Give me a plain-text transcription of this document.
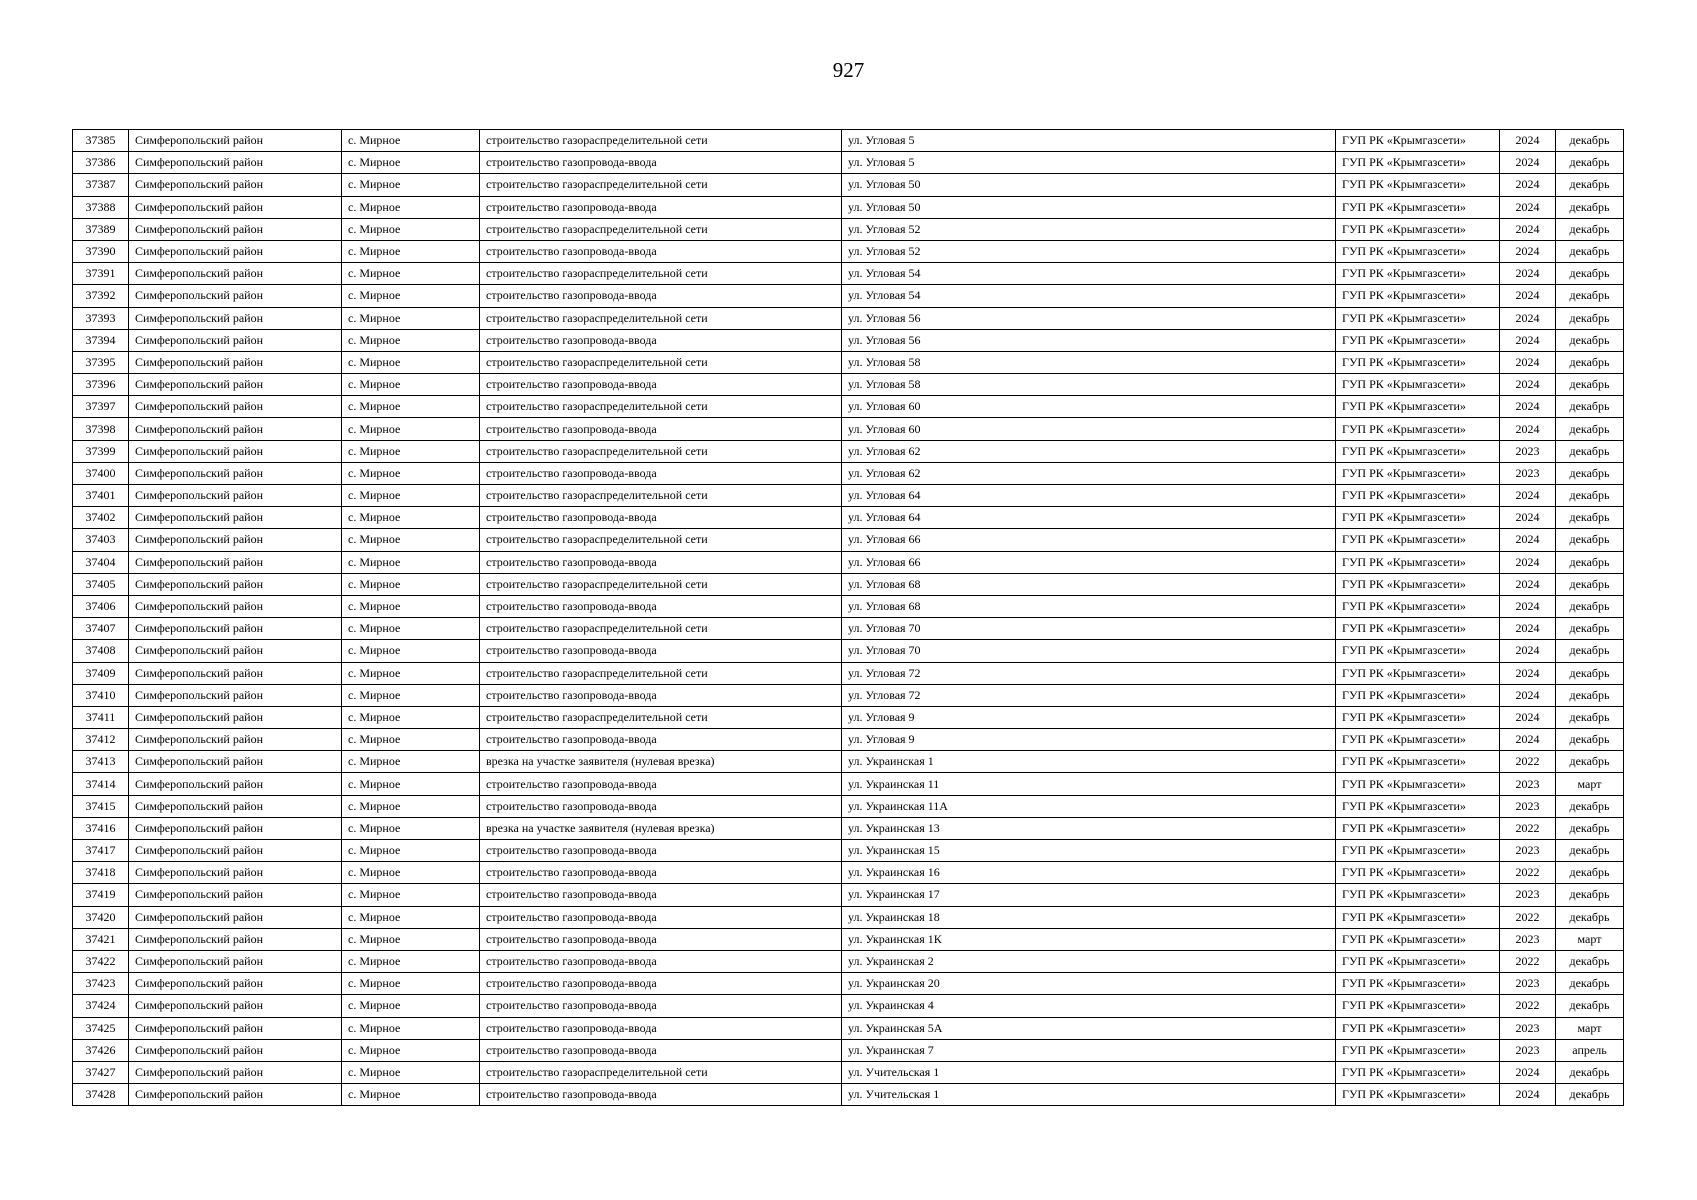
927
37385	Симферопольский район	с. Мирное	строительство газораспределительной сети	ул. Угловая 5	ГУП РК «Крымгазсети»	2024	декабрь
37386	Симферопольский район	с. Мирное	строительство газопровода-ввода	ул. Угловая 5	ГУП РК «Крымгазсети»	2024	декабрь
37387	Симферопольский район	с. Мирное	строительство газораспределительной сети	ул. Угловая 50	ГУП РК «Крымгазсети»	2024	декабрь
37388	Симферопольский район	с. Мирное	строительство газопровода-ввода	ул. Угловая 50	ГУП РК «Крымгазсети»	2024	декабрь
37389	Симферопольский район	с. Мирное	строительство газораспределительной сети	ул. Угловая 52	ГУП РК «Крымгазсети»	2024	декабрь
37390	Симферопольский район	с. Мирное	строительство газопровода-ввода	ул. Угловая 52	ГУП РК «Крымгазсети»	2024	декабрь
37391	Симферопольский район	с. Мирное	строительство газораспределительной сети	ул. Угловая 54	ГУП РК «Крымгазсети»	2024	декабрь
37392	Симферопольский район	с. Мирное	строительство газопровода-ввода	ул. Угловая 54	ГУП РК «Крымгазсети»	2024	декабрь
37393	Симферопольский район	с. Мирное	строительство газораспределительной сети	ул. Угловая 56	ГУП РК «Крымгазсети»	2024	декабрь
37394	Симферопольский район	с. Мирное	строительство газопровода-ввода	ул. Угловая 56	ГУП РК «Крымгазсети»	2024	декабрь
37395	Симферопольский район	с. Мирное	строительство газораспределительной сети	ул. Угловая 58	ГУП РК «Крымгазсети»	2024	декабрь
37396	Симферопольский район	с. Мирное	строительство газопровода-ввода	ул. Угловая 58	ГУП РК «Крымгазсети»	2024	декабрь
37397	Симферопольский район	с. Мирное	строительство газораспределительной сети	ул. Угловая 60	ГУП РК «Крымгазсети»	2024	декабрь
37398	Симферопольский район	с. Мирное	строительство газопровода-ввода	ул. Угловая 60	ГУП РК «Крымгазсети»	2024	декабрь
37399	Симферопольский район	с. Мирное	строительство газораспределительной сети	ул. Угловая 62	ГУП РК «Крымгазсети»	2023	декабрь
37400	Симферопольский район	с. Мирное	строительство газопровода-ввода	ул. Угловая 62	ГУП РК «Крымгазсети»	2023	декабрь
37401	Симферопольский район	с. Мирное	строительство газораспределительной сети	ул. Угловая 64	ГУП РК «Крымгазсети»	2024	декабрь
37402	Симферопольский район	с. Мирное	строительство газопровода-ввода	ул. Угловая 64	ГУП РК «Крымгазсети»	2024	декабрь
37403	Симферопольский район	с. Мирное	строительство газораспределительной сети	ул. Угловая 66	ГУП РК «Крымгазсети»	2024	декабрь
37404	Симферопольский район	с. Мирное	строительство газопровода-ввода	ул. Угловая 66	ГУП РК «Крымгазсети»	2024	декабрь
37405	Симферопольский район	с. Мирное	строительство газораспределительной сети	ул. Угловая 68	ГУП РК «Крымгазсети»	2024	декабрь
37406	Симферопольский район	с. Мирное	строительство газопровода-ввода	ул. Угловая 68	ГУП РК «Крымгазсети»	2024	декабрь
37407	Симферопольский район	с. Мирное	строительство газораспределительной сети	ул. Угловая 70	ГУП РК «Крымгазсети»	2024	декабрь
37408	Симферопольский район	с. Мирное	строительство газопровода-ввода	ул. Угловая 70	ГУП РК «Крымгазсети»	2024	декабрь
37409	Симферопольский район	с. Мирное	строительство газораспределительной сети	ул. Угловая 72	ГУП РК «Крымгазсети»	2024	декабрь
37410	Симферопольский район	с. Мирное	строительство газопровода-ввода	ул. Угловая 72	ГУП РК «Крымгазсети»	2024	декабрь
37411	Симферопольский район	с. Мирное	строительство газораспределительной сети	ул. Угловая 9	ГУП РК «Крымгазсети»	2024	декабрь
37412	Симферопольский район	с. Мирное	строительство газопровода-ввода	ул. Угловая 9	ГУП РК «Крымгазсети»	2024	декабрь
37413	Симферопольский район	с. Мирное	врезка на участке заявителя (нулевая врезка)	ул. Украинская 1	ГУП РК «Крымгазсети»	2022	декабрь
37414	Симферопольский район	с. Мирное	строительство газопровода-ввода	ул. Украинская 11	ГУП РК «Крымгазсети»	2023	март
37415	Симферопольский район	с. Мирное	строительство газопровода-ввода	ул. Украинская 11А	ГУП РК «Крымгазсети»	2023	декабрь
37416	Симферопольский район	с. Мирное	врезка на участке заявителя (нулевая врезка)	ул. Украинская 13	ГУП РК «Крымгазсети»	2022	декабрь
37417	Симферопольский район	с. Мирное	строительство газопровода-ввода	ул. Украинская 15	ГУП РК «Крымгазсети»	2023	декабрь
37418	Симферопольский район	с. Мирное	строительство газопровода-ввода	ул. Украинская 16	ГУП РК «Крымгазсети»	2022	декабрь
37419	Симферопольский район	с. Мирное	строительство газопровода-ввода	ул. Украинская 17	ГУП РК «Крымгазсети»	2023	декабрь
37420	Симферопольский район	с. Мирное	строительство газопровода-ввода	ул. Украинская 18	ГУП РК «Крымгазсети»	2022	декабрь
37421	Симферопольский район	с. Мирное	строительство газопровода-ввода	ул. Украинская 1К	ГУП РК «Крымгазсети»	2023	март
37422	Симферопольский район	с. Мирное	строительство газопровода-ввода	ул. Украинская 2	ГУП РК «Крымгазсети»	2022	декабрь
37423	Симферопольский район	с. Мирное	строительство газопровода-ввода	ул. Украинская 20	ГУП РК «Крымгазсети»	2023	декабрь
37424	Симферопольский район	с. Мирное	строительство газопровода-ввода	ул. Украинская 4	ГУП РК «Крымгазсети»	2022	декабрь
37425	Симферопольский район	с. Мирное	строительство газопровода-ввода	ул. Украинская 5А	ГУП РК «Крымгазсети»	2023	март
37426	Симферопольский район	с. Мирное	строительство газопровода-ввода	ул. Украинская 7	ГУП РК «Крымгазсети»	2023	апрель
37427	Симферопольский район	с. Мирное	строительство газораспределительной сети	ул. Учительская 1	ГУП РК «Крымгазсети»	2024	декабрь
37428	Симферопольский район	с. Мирное	строительство газопровода-ввода	ул. Учительская 1	ГУП РК «Крымгазсети»	2024	декабрь
